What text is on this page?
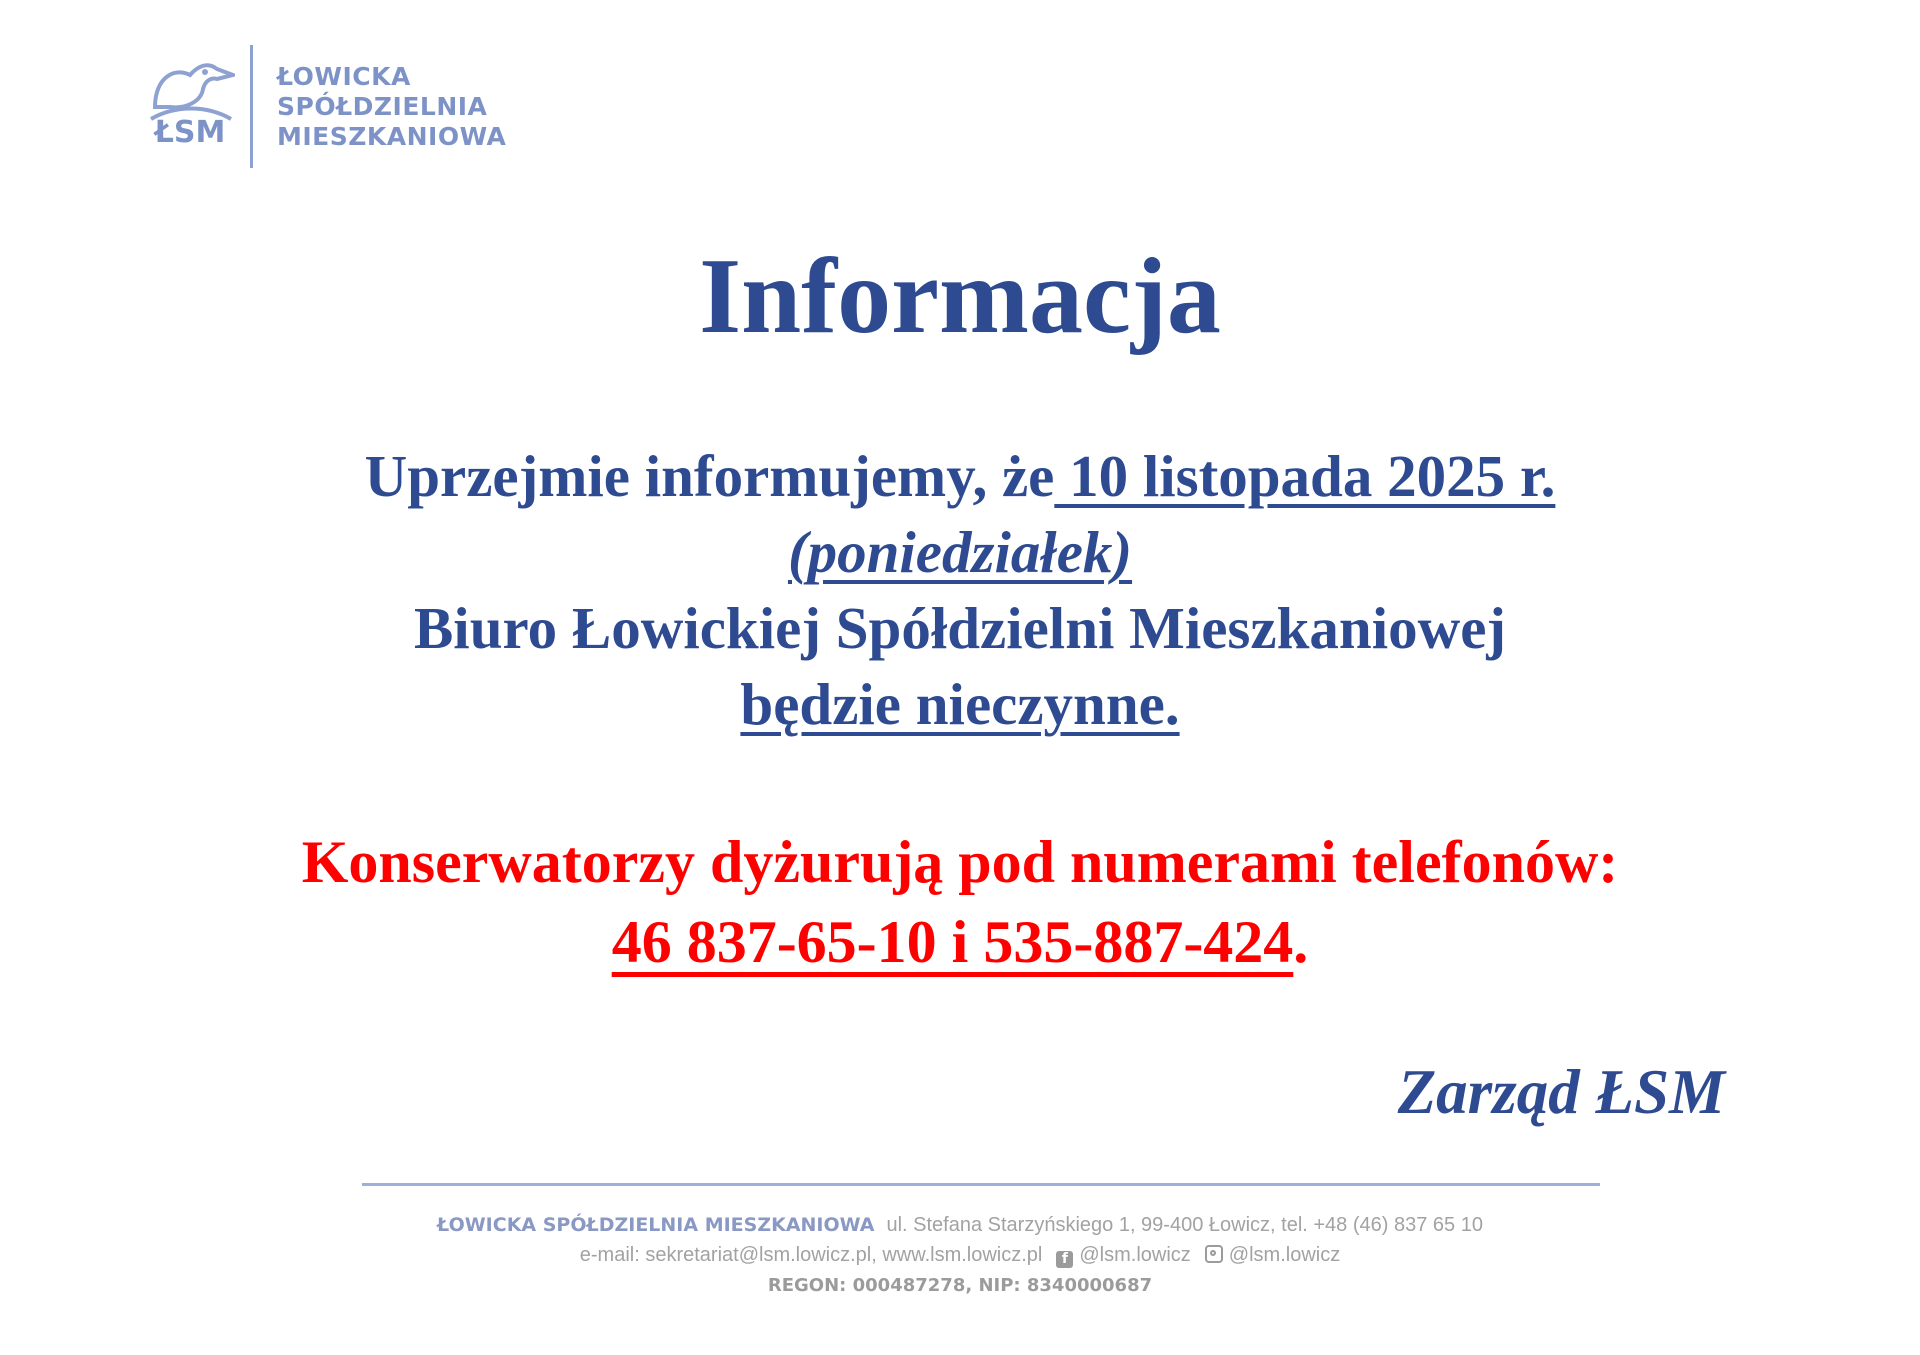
ŁSM
ŁOWICKA
SPÓŁDZIELNIA
MIESZKANIOWA
Informacja
Uprzejmie informujemy, że 10 listopada 2025 r.
(poniedziałek)
Biuro Łowickiej Spółdzielni Mieszkaniowej
będzie nieczynne.
Konserwatorzy dyżurują pod numerami telefonów:
46 837-65-10 i 535-887-424.
Zarząd ŁSM
ŁOWICKA SPÓŁDZIELNIA MIESZKANIOWA ul. Stefana Starzyńskiego 1, 99-400 Łowicz, tel. +48 (46) 837 65 10
e-mail: sekretariat@lsm.lowicz.pl, www.lsm.lowicz.pl f @lsm.lowicz @lsm.lowicz
REGON: 000487278, NIP: 8340000687
